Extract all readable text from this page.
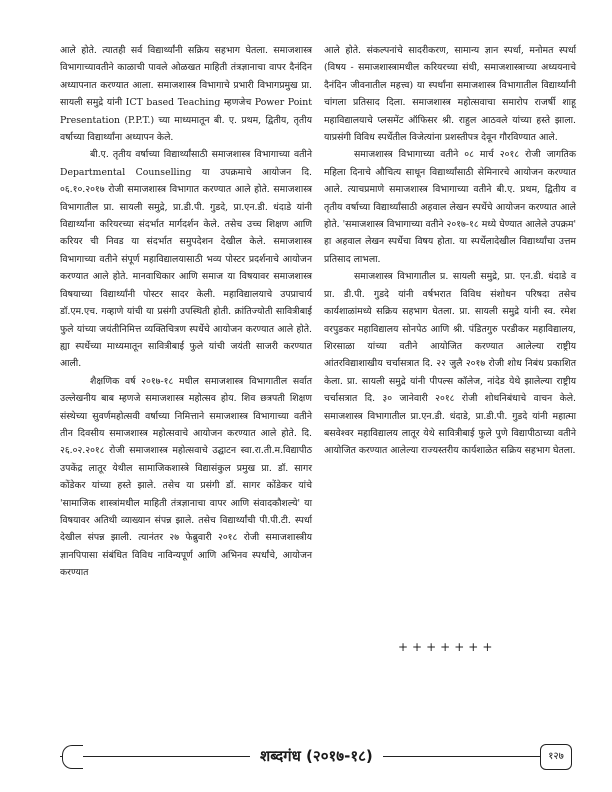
आले होते. त्यातही सर्व विद्यार्थ्यांनी सक्रिय सहभाग घेतला. समाजशास्त्र विभागाच्यावतीने काळाची पावले ओळखत माहिती तंत्रज्ञानाचा वापर दैनंदिन अध्यापनात करण्यात आला. समाजशास्त्र विभागाचे प्रभारी विभागप्रमुख प्रा. सायली समुद्रे यांनी ICT based Teaching म्हणजेच Power Point Presentation (P.P.T.) च्या माध्यमातून बी. ए. प्रथम, द्वितीय, तृतीय वर्षाच्या विद्यार्थ्यांना अध्यापन केले.

बी.ए. तृतीय वर्षाच्या विद्यार्थ्यांसाठी समाजशास्त्र विभागाच्या वतीने Departmental Counselling या उपक्रमाचे आयोजन दि. ०६.१०.२०१७ रोजी समाजशास्त्र विभागात करण्यात आले होते. समाजशास्त्र विभागातील प्रा. सायली समुद्रे, प्रा.डी.पी. गुडदे, प्रा.एन.डी. धंदाडे यांनी विद्यार्थ्यांना करियरच्या संदर्भात मार्गदर्शन केले. तसेच उच्च शिक्षण आणि करियर ची निवड या संदर्भात समुपदेशन देखील केले. समाजशास्त्र विभागाच्या वतीने संपूर्ण महाविद्यालयासाठी भव्य पोस्टर प्रदर्शनाचे आयोजन करण्यात आले होते. मानवाधिकार आणि समाज या विषयावर समाजशास्त्र विषयाच्या विद्यार्थ्यांनी पोस्टर सादर केली. महाविद्यालयाचे उपप्राचार्य डॉ.एम.एच. गव्हाणे यांची या प्रसंगी उपस्थिती होती. क्रांतिज्योती सावित्रीबाई फुले यांच्या जयंतीनिमित्त व्यक्तिचित्रण स्पर्धेचे आयोजन करण्यात आले होते. ह्या स्पर्धेच्या माध्यमातून सावित्रीबाई फुले यांची जयंती साजरी करण्यात आली.

शैक्षणिक वर्ष २०१७-१८ मधील समाजशास्त्र विभागातील सर्वात उल्लेखनीय बाब म्हणजे समाजशास्त्र महोत्सव होय. शिव छत्रपती शिक्षण संस्थेच्या सुवर्णमहोत्सवी वर्षाच्या निमित्ताने समाजशास्त्र विभागाच्या वतीने तीन दिवसीय समाजशास्त्र महोत्सवाचे आयोजन करण्यात आले होते. दि. २६.०२.२०१८ रोजी समाजशास्त्र महोत्सवाचे उद्घाटन स्वा.रा.ती.म.विद्यापीठ उपकेंद्र लातूर येथील सामाजिकशास्त्रे विद्यासंकुल प्रमुख प्रा. डॉ. सागर कोंडेकर यांच्या हस्ते झाले. तसेच या प्रसंगी डॉ. सागर कोंडेकर यांचे 'सामाजिक शास्त्रांमधील माहिती तंत्रज्ञानाचा वापर आणि संवादकौशल्ये' या विषयावर अतिथी व्याख्यान संपन्न झाले. तसेच विद्यार्थ्यांची पी.पी.टी. स्पर्धा देखील संपन्न झाली. त्यानंतर २७ फेब्रुवारी २०१८ रोजी समाजशास्त्रीय ज्ञानपिपासा संबंधित विविध नाविन्यपूर्ण आणि अभिनव स्पर्धांचे, आयोजन करण्यात

आले होते. संकल्पनांचे सादरीकरण, सामान्य ज्ञान स्पर्धा, मनोमत स्पर्धा (विषय - समाजशास्त्रामधील करियरच्या संधी, समाजशास्त्राच्या अध्ययनाचे दैनंदिन जीवनातील महत्त्व) या स्पर्धांना समाजशास्त्र विभागातील विद्यार्थ्यांनी चांगला प्रतिसाद दिला. समाजशास्त्र महोत्सवाचा समारोप राजर्षी शाहू महाविद्यालयाचे प्लसमेंट ऑफिसर श्री. राहुल आठवले यांच्या हस्ते झाला. याप्रसंगी विविध स्पर्धेतील विजेत्यांना प्रशस्तीपत्र देवून गौरविण्यात आले.

समाजशास्त्र विभागाच्या वतीने ०८ मार्च २०१८ रोजी जागतिक महिला दिनाचे औचित्य साधून विद्यार्थ्यांसाठी सेमिनारचे आयोजन करण्यात आले. त्याचप्रमाणे समाजशास्त्र विभागाच्या वतीने बी.ए. प्रथम, द्वितीय व तृतीय वर्षाच्या विद्यार्थ्यांसाठी अहवाल लेखन स्पर्धेचे आयोजन करण्यात आले होते. 'समाजशास्त्र विभागाच्या वतीने २०१७-१८ मध्ये घेण्यात आलेले उपक्रम' हा अहवाल लेखन स्पर्धेचा विषय होता. या स्पर्धेलादेखील विद्यार्थ्यांचा उत्तम प्रतिसाद लाभला.

समाजशास्त्र विभागातील प्र. सायली समुद्रे, प्रा. एन.डी. धंदाडे व प्रा. डी.पी. गुडदे यांनी वर्षभरात विविध संशोधन परिषदा तसेच कार्यशाळांमध्ये सक्रिय सहभाग घेतला. प्रा. सायली समुद्रे यांनी स्व. रमेश वरपुडकर महाविद्यालय सोनपेठ आणि श्री. पंडितगुरु परडीकर महाविद्यालय, शिरसाळा यांच्या वतीने आयोजित करण्यात आलेल्या राष्ट्रीय आंतरविद्याशाखीय चर्चासत्रात दि. २२ जुलै २०१७ रोजी शोध निबंध प्रकाशित केला. प्रा. सायली समुद्रे यांनी पीपल्स कॉलेज, नांदेड येथे झालेल्या राष्ट्रीय चर्चासत्रात दि. ३० जानेवारी २०१८ रोजी शोधनिबंधाचे वाचन केले. समाजशास्त्र विभागातील प्रा.एन.डी. धंदाडे, प्रा.डी.पी. गुडदे यांनी महात्मा बसवेश्वर महाविद्यालय लातूर येथे सावित्रीबाई फुले पुणे विद्यापीठाच्या वतीने आयोजित करण्यात आलेल्या राज्यस्तरीय कार्यशाळेत सक्रिय सहभाग घेतला.

+++++++
शब्दगंध (२०१७-१८)	१२७
